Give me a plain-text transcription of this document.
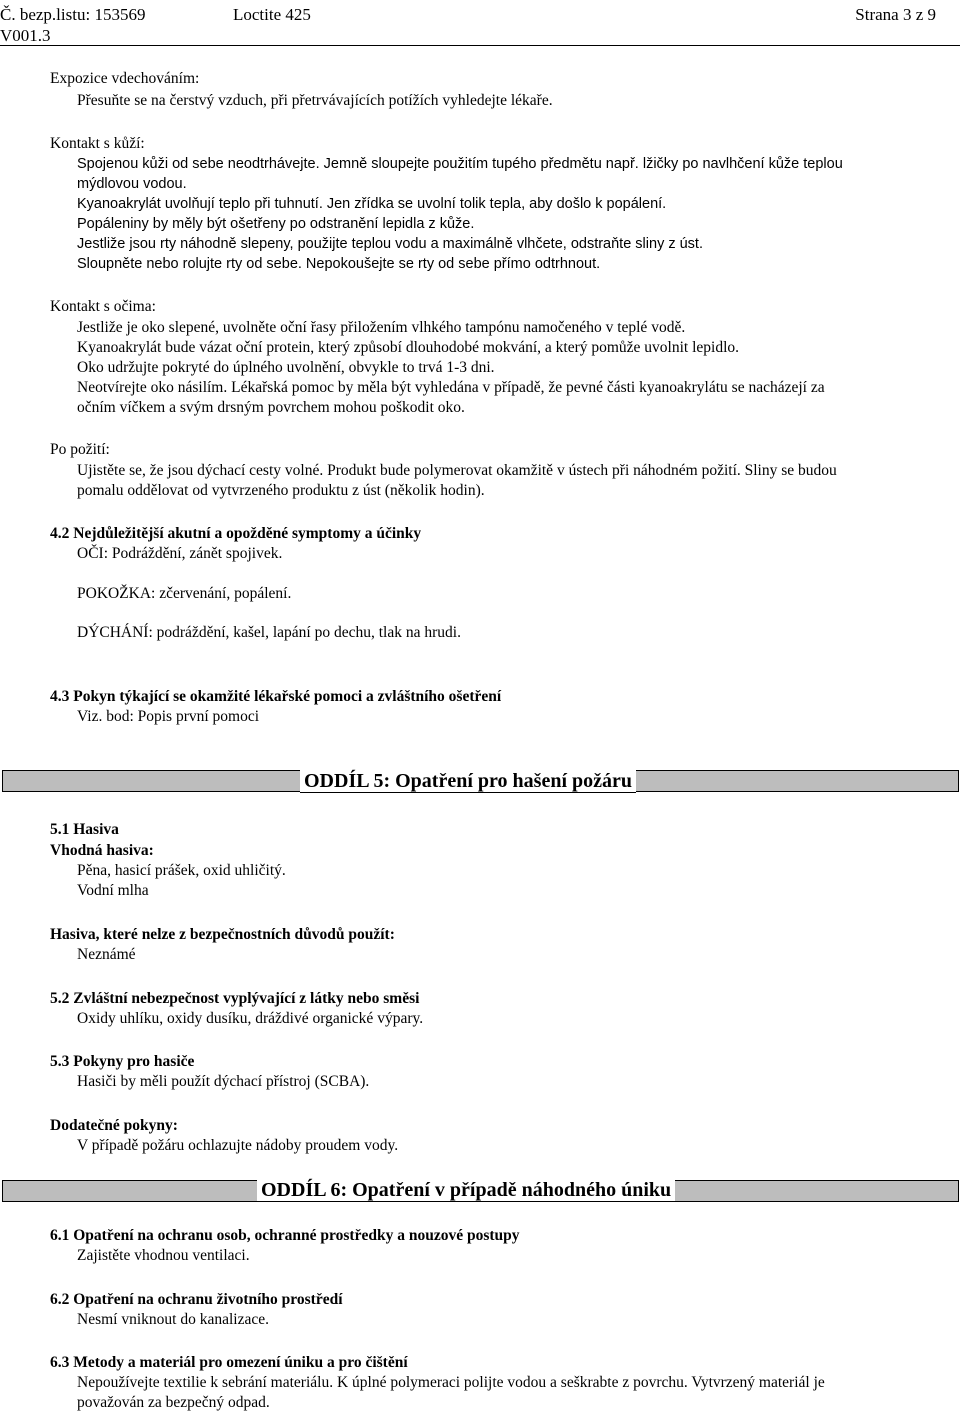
Č. bezp.listu: 153569
V001.3
Loctite 425	Strana 3 z 9
Expozice vdechováním:

Přesuňte se na čerstvý vzduch, při přetrvávajících potížích vyhledejte lékaře.

Kontakt s kůží:

Spojenou kůži od sebe neodtrhávejte. Jemně sloupejte použitím tupého předmětu např. lžičky po navlhčení kůže teplou

mýdlovou vodou.

Kyanoakrylát uvolňují teplo při tuhnutí. Jen zřídka se uvolní tolik tepla, aby došlo k popálení.

Popáleniny by měly být ošetřeny po odstranění lepidla z kůže.

Jestliže jsou rty náhodně slepeny, použijte teplou vodu a maximálně vlhčete, odstraňte sliny z úst.

Sloupněte nebo rolujte rty od sebe. Nepokoušejte se rty od sebe přímo odtrhnout.

Kontakt s očima:

Jestliže je oko slepené, uvolněte oční řasy přiložením vlhkého tampónu namočeného v teplé vodě.

Kyanoakrylát bude vázat oční protein, který způsobí dlouhodobé mokvání, a který pomůže uvolnit lepidlo.

Oko udržujte pokryté do úplného uvolnění, obvykle to trvá 1-3 dni.

Neotvírejte oko násilím. Lékařská pomoc by měla být vyhledána v případě, že pevné části kyanoakrylátu se nacházejí za

očním víčkem a svým drsným povrchem mohou poškodit oko.

Po požití:

Ujistěte se, že jsou dýchací cesty volné. Produkt bude polymerovat okamžitě v ústech při náhodném požití. Sliny se budou

pomalu oddělovat od vytvrzeného produktu z úst (několik hodin).

4.2 Nejdůležitější akutní a opožděné symptomy a účinky
OČI: Podráždění, zánět spojivek.
POKOŽKA: zčervenání, popálení.
DÝCHÁNÍ: podráždění, kašel, lapání po dechu, tlak na hrudi.
4.3 Pokyn týkající se okamžité lékařské pomoci a zvláštního ošetření
Viz. bod: Popis první pomoci
ODDÍL 5: Opatření pro hašení požáru
5.1 Hasiva
Vhodná hasiva:

Pěna, hasicí prášek, oxid uhličitý.

Vodní mlha

Hasiva, které nelze z bezpečnostních důvodů použít:
Neznámé
5.2 Zvláštní nebezpečnost vyplývající z látky nebo směsi
Oxidy uhlíku, oxidy dusíku, dráždivé organické výpary.
5.3 Pokyny pro hasiče
Hasiči by měli použít dýchací přístroj (SCBA).
Dodatečné pokyny:
V případě požáru ochlazujte nádoby proudem vody.
ODDÍL 6: Opatření v případě náhodného úniku
6.1 Opatření na ochranu osob, ochranné prostředky a nouzové postupy
Zajistěte vhodnou ventilaci.
6.2 Opatření na ochranu životního prostředí
Nesmí vniknout do kanalizace.
6.3 Metody a materiál pro omezení úniku a pro čištění

Nepoužívejte textilie k sebrání materiálu. K úplné polymeraci polijte vodou a seškrabte z povrchu. Vytvrzený materiál je

považován za bezpečný odpad.
